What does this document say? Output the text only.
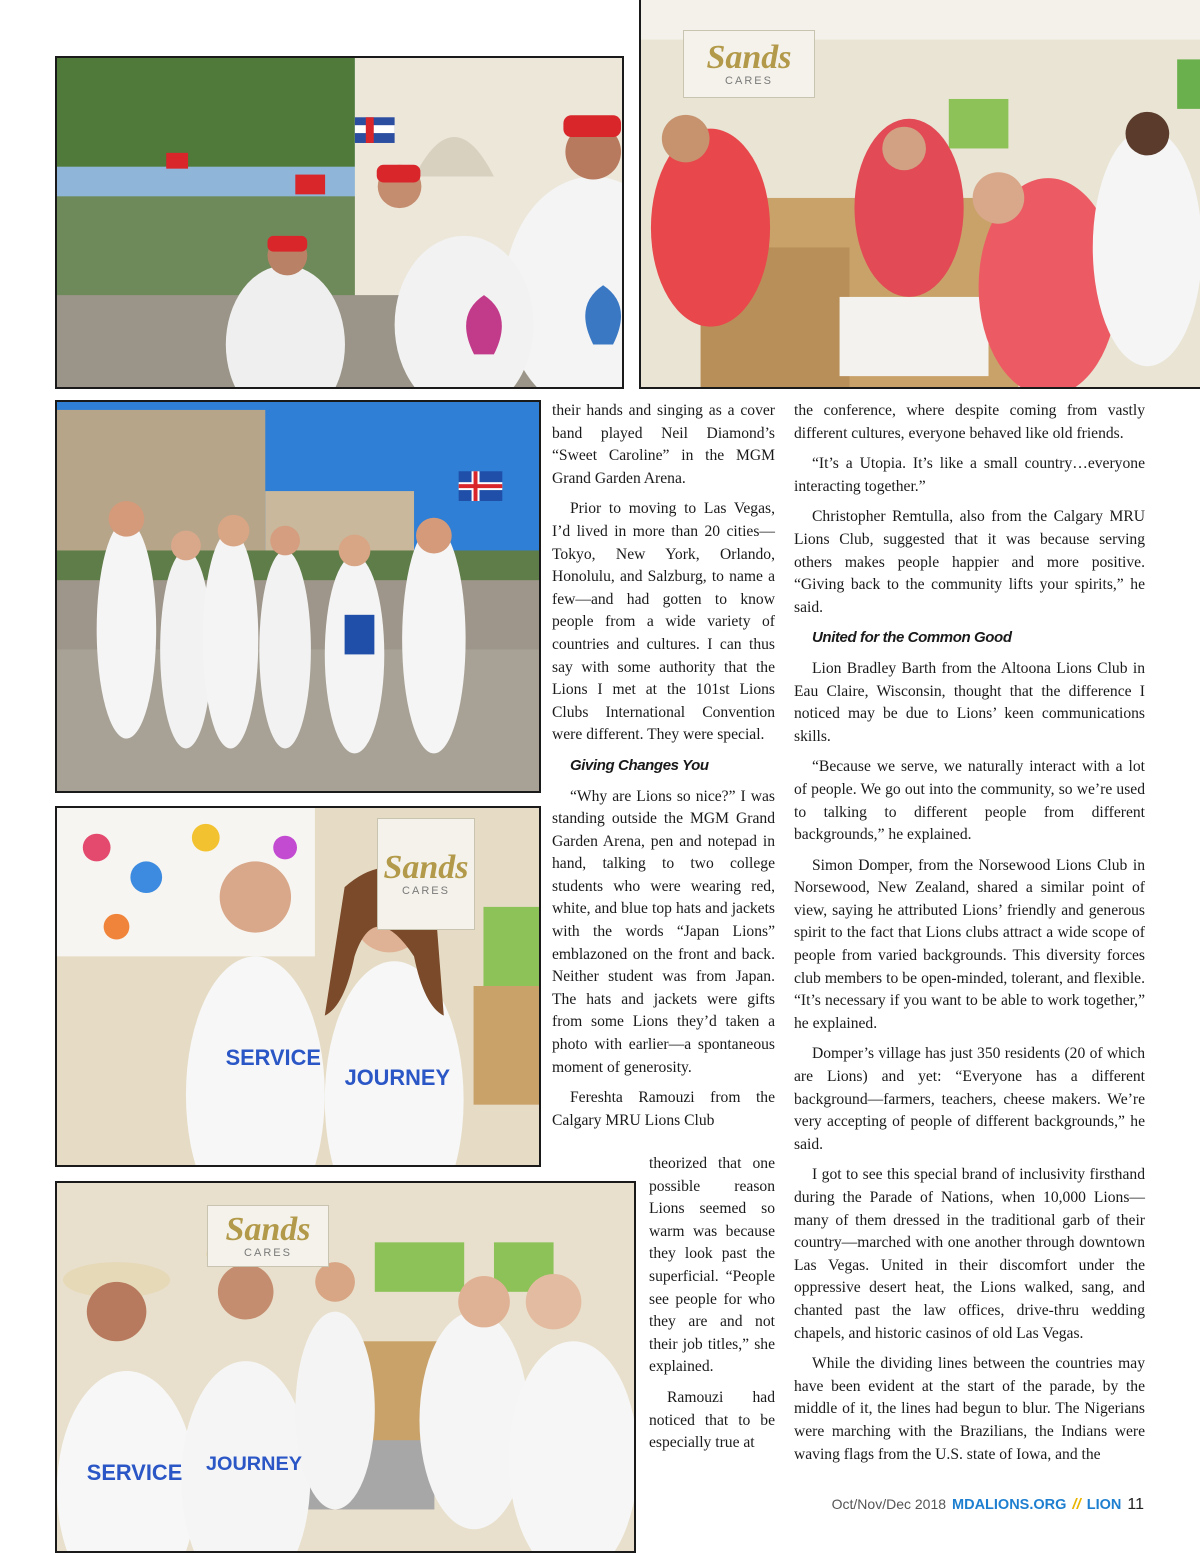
Sands
CARES
SERVICE
JOURNEY
Sands
CARES
SERVICE JOURNEY
Sands
CARES

their hands and singing as a cover band played Neil Diamond’s “Sweet Caroline” in the MGM Grand Garden Arena.

Prior to moving to Las Vegas, I’d lived in more than 20 cities—Tokyo, New York, Orlando, Honolulu, and Salzburg, to name a few—and had gotten to know people from a wide variety of countries and cultures. I can thus say with some authority that the Lions I met at the 101st Lions Clubs International Convention were different. They were special.

Giving Changes You

“Why are Lions so nice?” I was standing outside the MGM Grand Garden Arena, pen and notepad in hand, talking to two college students who were wearing red, white, and blue top hats and jackets with the words “Japan Lions” emblazoned on the front and back. Neither student was from Japan. The hats and jackets were gifts from some Lions they’d taken a photo with earlier—a spontaneous moment of generosity.

Fereshta Ramouzi from the Calgary MRU Lions Club

theorized that one possible reason Lions seemed so warm was because they look past the superficial. “People see people for who they are and not their job titles,” she explained.

Ramouzi had noticed that to be especially true at

the conference, where despite coming from vastly different cultures, everyone behaved like old friends.

“It’s a Utopia. It’s like a small country…everyone interacting together.”

Christopher Remtulla, also from the Calgary MRU Lions Club, suggested that it was because serving others makes people happier and more positive. “Giving back to the community lifts your spirits,” he said.

United for the Common Good

Lion Bradley Barth from the Altoona Lions Club in Eau Claire, Wisconsin, thought that the difference I noticed may be due to Lions’ keen communications skills.

“Because we serve, we naturally interact with a lot of people. We go out into the community, so we’re used to talking to different people from different backgrounds,” he explained.

Simon Domper, from the Norsewood Lions Club in Norsewood, New Zealand, shared a similar point of view, saying he attributed Lions’ friendly and generous spirit to the fact that Lions clubs attract a wide scope of people from varied backgrounds. This diversity forces club members to be open-minded, tolerant, and flexible. “It’s necessary if you want to be able to work together,” he explained.

Domper’s village has just 350 residents (20 of which are Lions) and yet: “Everyone has a different background—farmers, teachers, cheese makers. We’re very accepting of people of different backgrounds,” he said.

I got to see this special brand of inclusivity firsthand during the Parade of Nations, when 10,000 Lions—many of them dressed in the traditional garb of their country—marched with one another through downtown Las Vegas. United in their discomfort under the oppressive desert heat, the Lions walked, sang, and chanted past the law offices, drive-thru wedding chapels, and historic casinos of old Las Vegas.

While the dividing lines between the countries may have been evident at the start of the parade, by the middle of it, the lines had begun to blur. The Nigerians were marching with the Brazilians, the Indians were waving flags from the U.S. state of Iowa, and the

Oct/Nov/Dec 2018 MDALIONS.ORG // LION 11
